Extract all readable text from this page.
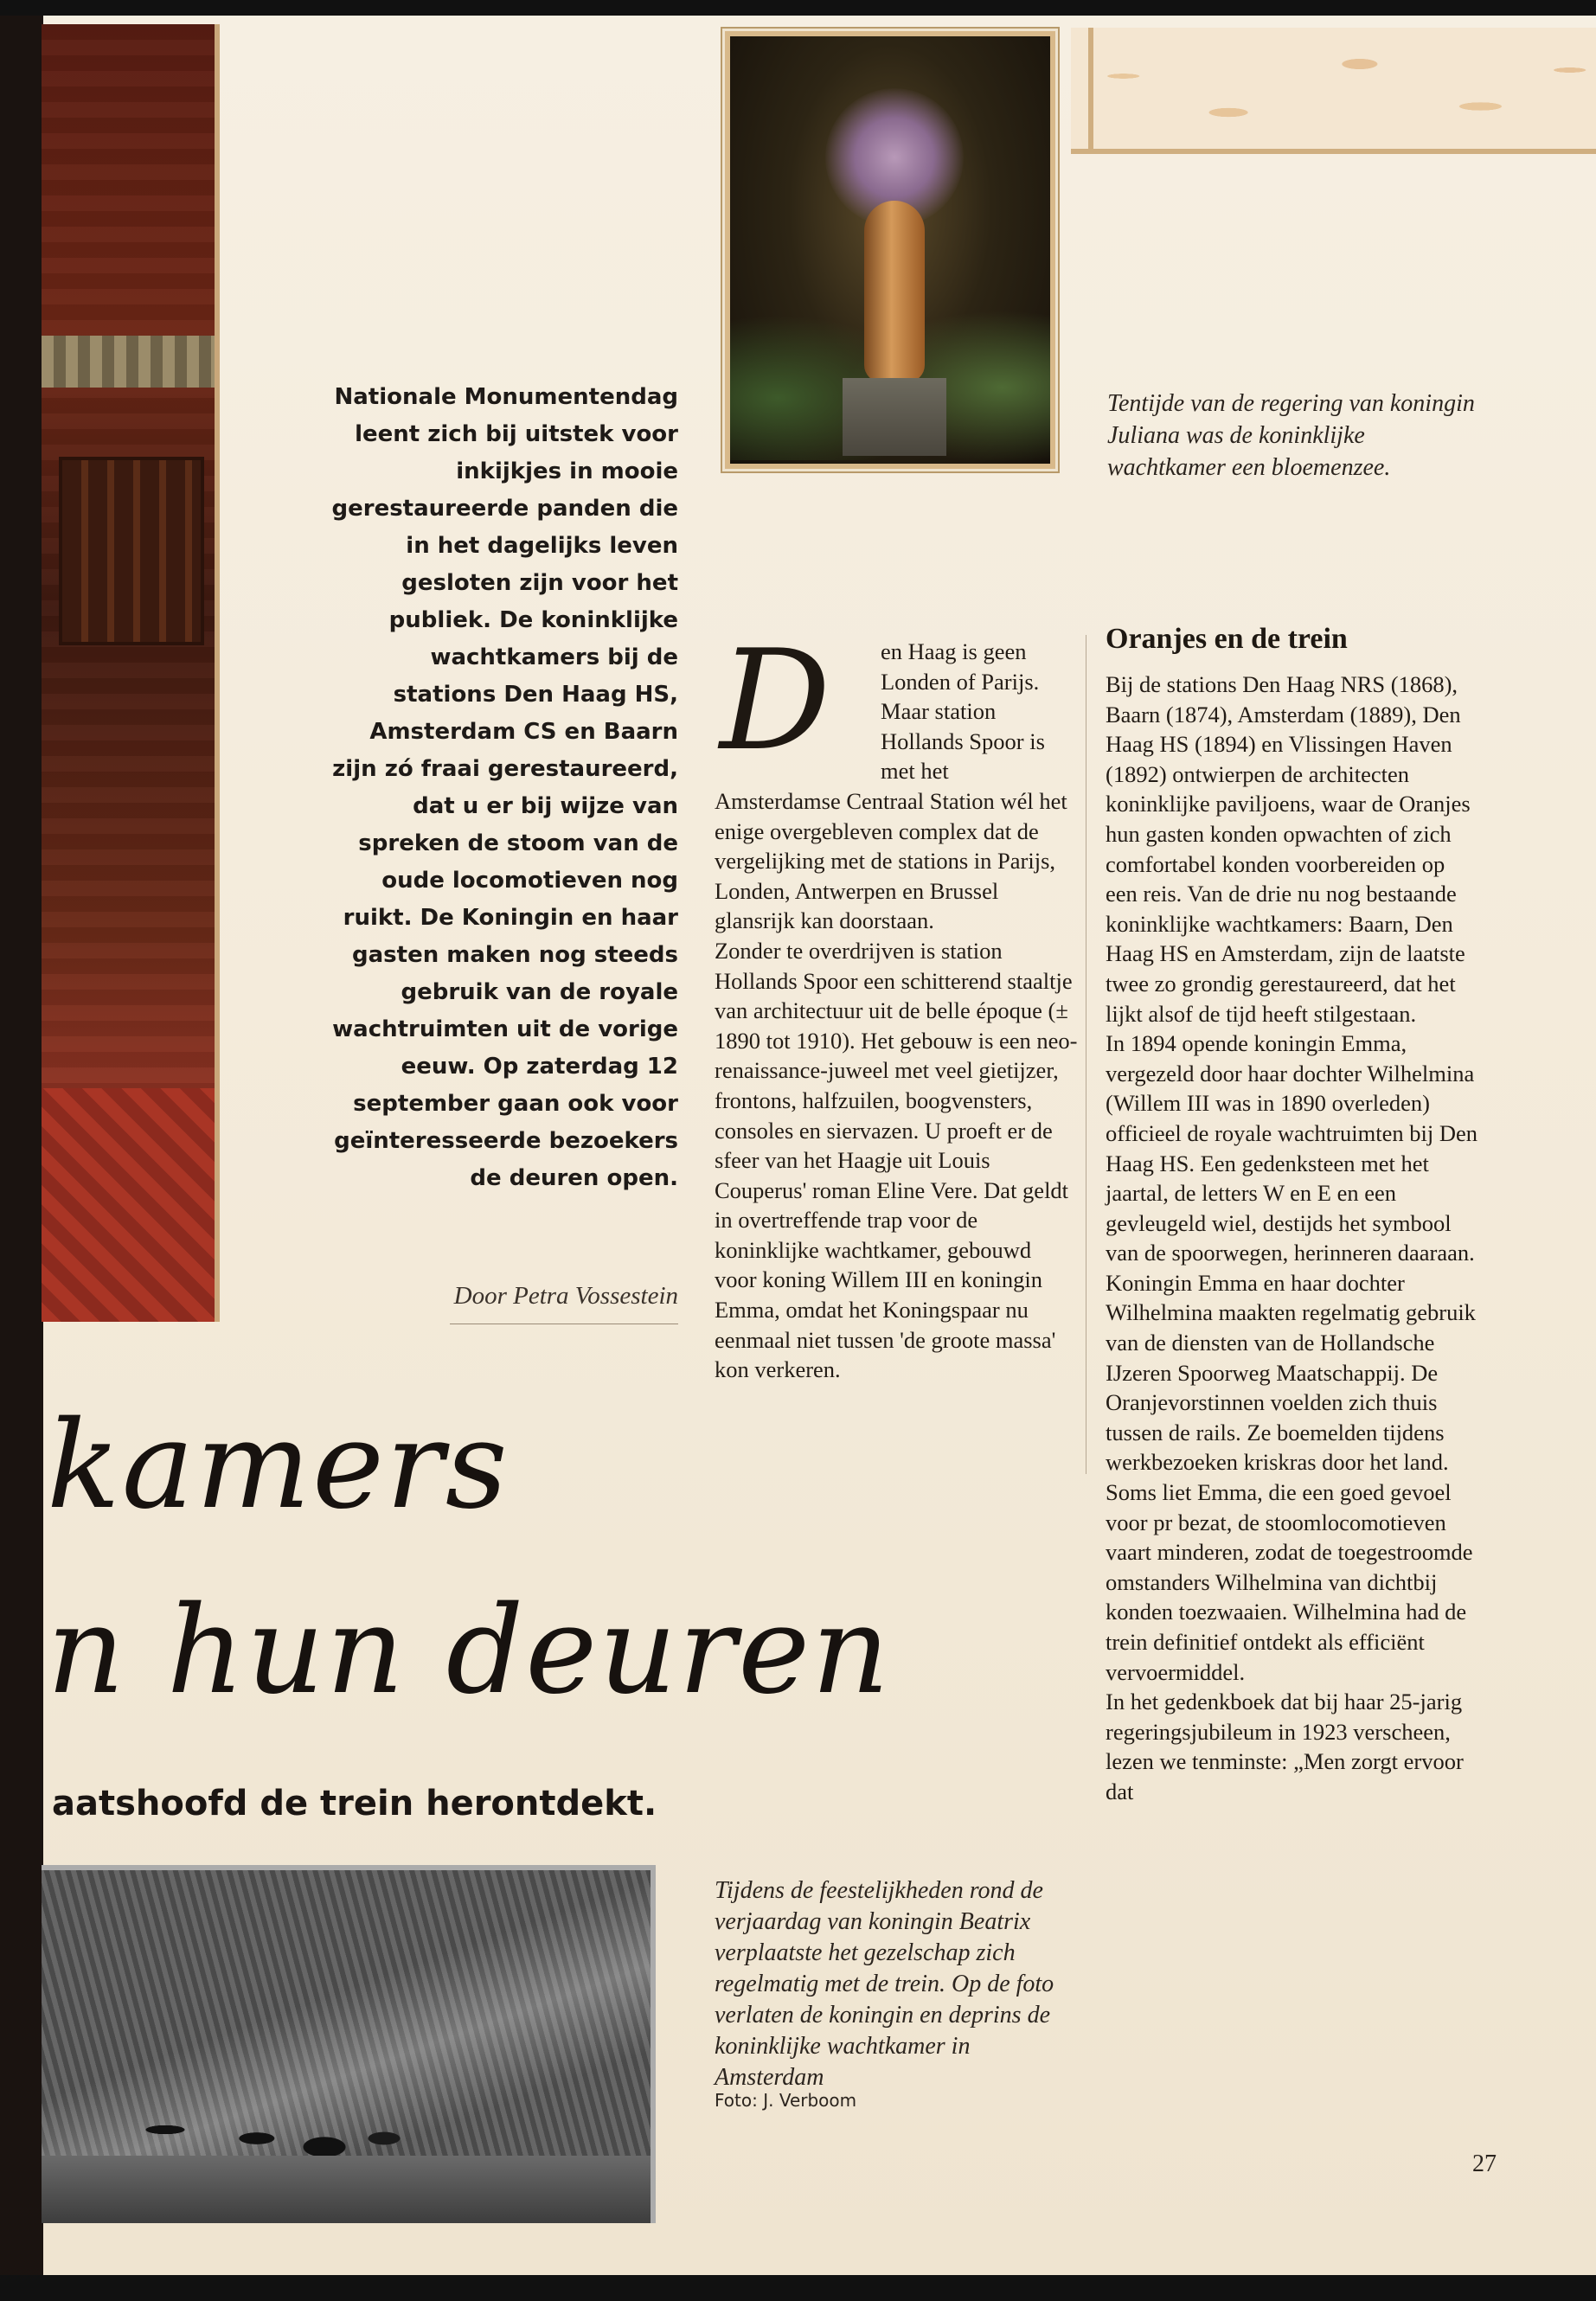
Nationale Monumentendag leent zich bij uitstek voor inkijkjes in mooie gerestaureerde panden die in het dagelijks leven gesloten zijn voor het publiek. De koninklijke wachtkamers bij de stations Den Haag HS, Amsterdam CS en Baarn zijn zó fraai gerestaureerd, dat u er bij wijze van spreken de stoom van de oude locomotieven nog ruikt. De Koningin en haar gasten maken nog steeds gebruik van de royale wachtruimten uit de vorige eeuw. Op zaterdag 12 september gaan ook voor geïnteresseerde bezoekers de deuren open.

Door Petra Vossestein

Tentijde van de regering van koningin Juliana was de koninklijke wachtkamer een bloemenzee.

D	en Haag is geen Londen of Parijs. Maar station Hollands Spoor is met het Amsterdamse Centraal Station wél het enige overgebleven complex dat de vergelijking met de stations in Parijs, Londen, Antwerpen en Brussel glansrijk kan doorstaan.

Zonder te overdrijven is station Hollands Spoor een schitterend staaltje van architectuur uit de belle époque (± 1890 tot 1910). Het gebouw is een neo-renaissance-juweel met veel gietijzer, frontons, halfzuilen, boogvensters, consoles en siervazen. U proeft er de sfeer van het Haagje uit Louis Couperus' roman Eline Vere. Dat geldt in overtreffende trap voor de koninklijke wachtkamer, gebouwd voor koning Willem III en koningin Emma, omdat het Koningspaar nu eenmaal niet tussen 'de groote massa' kon verkeren.

Oranjes en de trein

Bij de stations Den Haag NRS (1868), Baarn (1874), Amsterdam (1889), Den Haag HS (1894) en Vlissingen Haven (1892) ontwierpen de architecten koninklijke paviljoens, waar de Oranjes hun gasten konden opwachten of zich comfortabel konden voorbereiden op een reis. Van de drie nu nog bestaande koninklijke wachtkamers: Baarn, Den Haag HS en Amsterdam, zijn de laatste twee zo grondig gerestaureerd, dat het lijkt alsof de tijd heeft stilgestaan.

In 1894 opende koningin Emma, vergezeld door haar dochter Wilhelmina (Willem III was in 1890 overleden) officieel de royale wachtruimten bij Den Haag HS. Een gedenksteen met het jaartal, de letters W en E en een gevleugeld wiel, destijds het symbool van de spoorwegen, herinneren daaraan.

Koningin Emma en haar dochter Wilhelmina maakten regelmatig gebruik van de diensten van de Hollandsche IJzeren Spoorweg Maatschappij. De Oranjevorstinnen voelden zich thuis tussen de rails. Ze boemelden tijdens werkbezoeken kriskras door het land. Soms liet Emma, die een goed gevoel voor pr bezat, de stoomlocomotieven vaart minderen, zodat de toegestroomde omstanders Wilhelmina van dichtbij konden toezwaaien. Wilhelmina had de trein definitief ontdekt als efficiënt vervoermiddel.

In het gedenkboek dat bij haar 25-jarig regeringsjubileum in 1923 verscheen, lezen we tenminste: „Men zorgt ervoor dat

kamers

n hun deuren

aatshoofd de trein herontdekt.

Tijdens de feestelijkheden rond de verjaardag van koningin Beatrix verplaatste het gezelschap zich regelmatig met de trein. Op de foto verlaten de koningin en deprins de koninklijke wachtkamer in Amsterdam

Foto: J. Verboom

27
